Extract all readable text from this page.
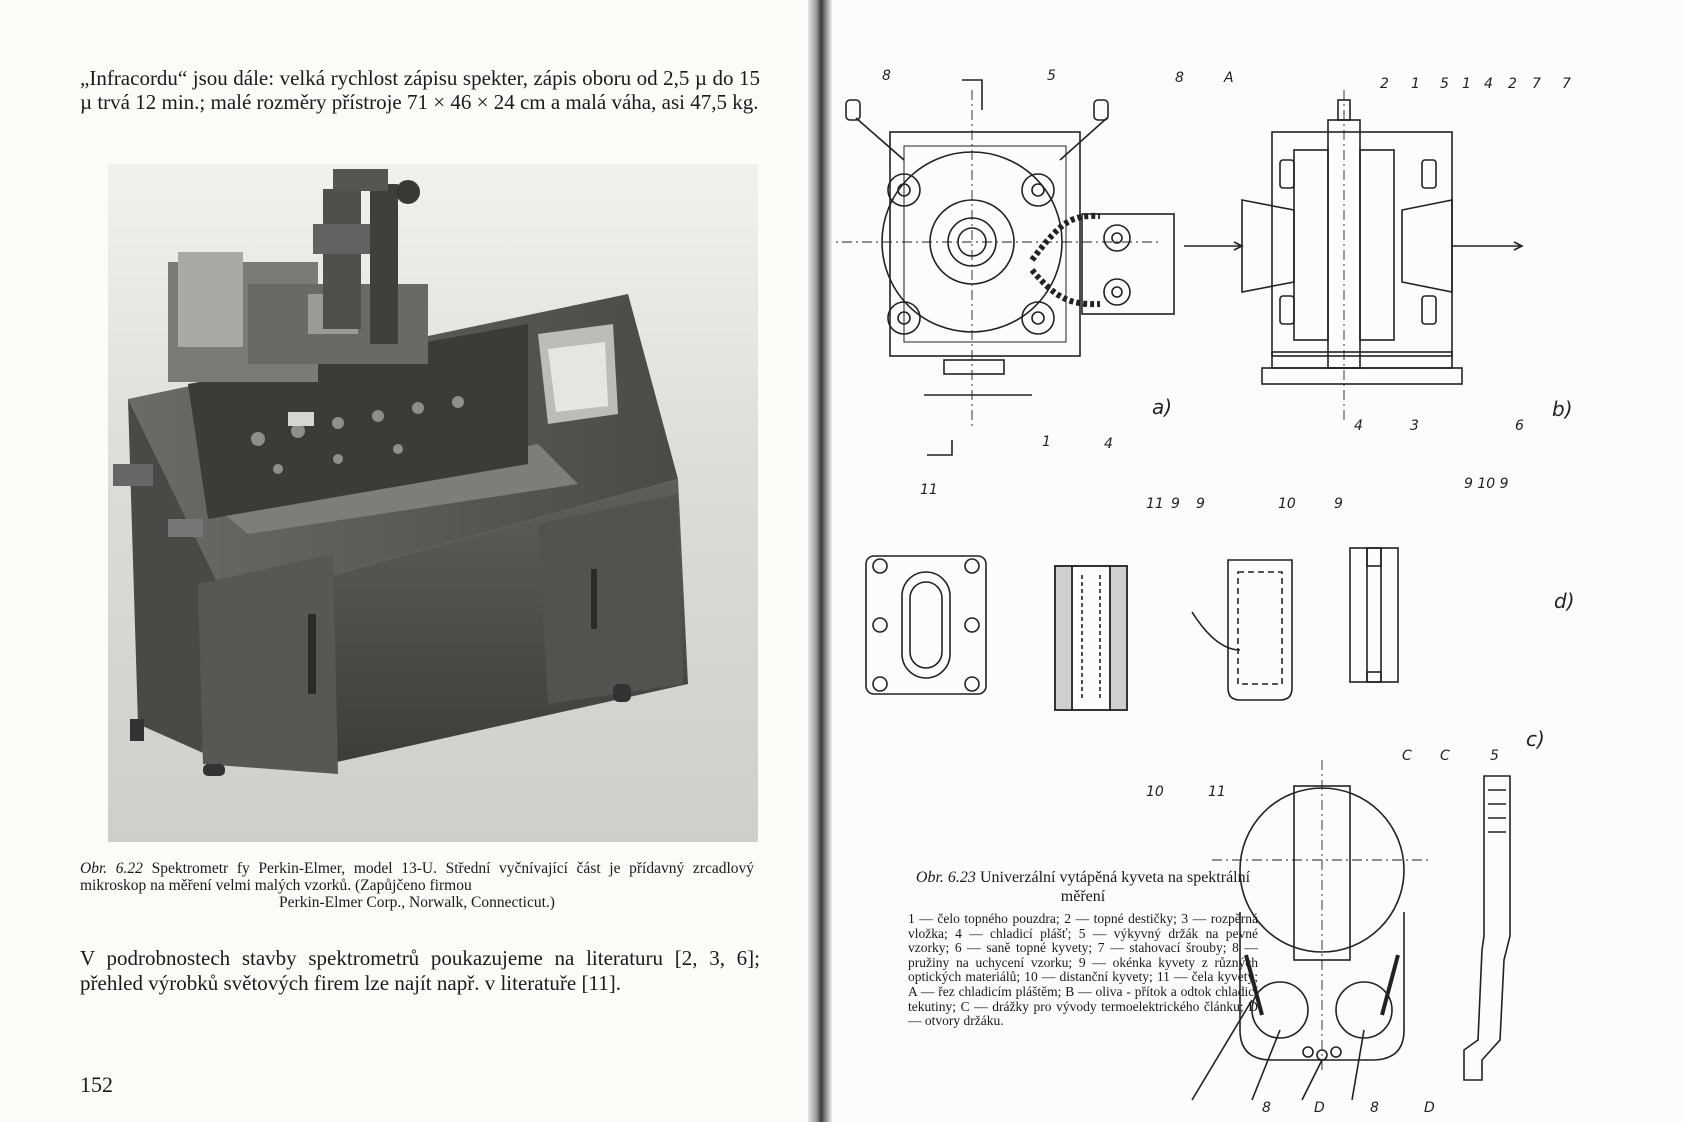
„Infracordu“ jsou dále: velká rychlost zápisu spekter, zápis oboru od 2,5 µ do 15 µ trvá 12 min.; malé rozměry přístroje 71 × 46 × 24 cm a malá váha, asi 47,5 kg.
Obr. 6.22 Spektrometr fy Perkin-Elmer, model 13-U. Střední vyčnívající část je přídavný zrcadlový mikroskop na měření velmi malých vzorků. (Zapůjčeno firmou
Perkin-Elmer Corp., Norwalk, Connecticut.)
V podrobnostech stavby spektrometrů poukazujeme na literaturu [2, 3, 6]; přehled výrobků světových firem lze najít např. v literatuře [11].
152
8	5	8	A
1	4
a)
2 1 5 1 4 2 7 7
4	3	6
b)
11
11 9 9
10	11
10	9
9 10 9
d)
c)
C C	5
8	D	8	D
Obr. 6.23 Univerzální vytápěná kyveta na spektrální měření
1 — čelo topného pouzdra; 2 — topné destičky; 3 — rozpěrná vložka; 4 — chladicí plášť; 5 — výkyvný držák na pevné vzorky; 6 — saně topné kyvety; 7 — stahovací šrouby; 8 — pružiny na uchycení vzorku; 9 — okénka kyvety z různých optických materiálů; 10 — distanční kyvety; 11 — čela kyvety; A — řez chladicím pláštěm; B — oliva - přítok a odtok chladicí tekutiny; C — drážky pro vývody termoelektrického článku; D — otvory držáku.
